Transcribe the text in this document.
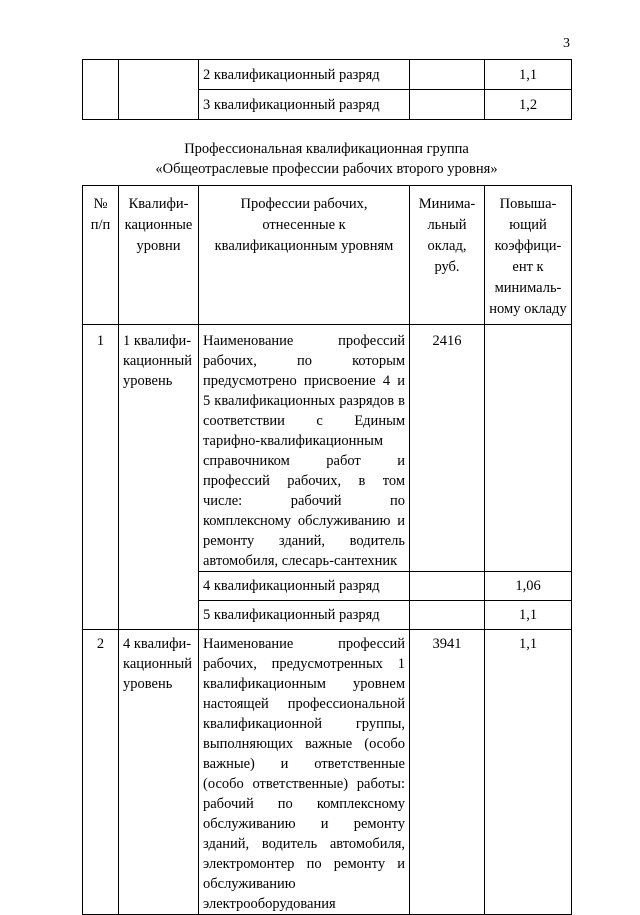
3
		2 квалификационный разряд		1,1
		3 квалификационный разряд		1,2
Профессиональная квалификационная группа
«Общеотраслевые профессии рабочих второго уровня»
№ п/п	Квалифи-кационные уровни	Профессии рабочих, отнесенные к квалификационным уровням	Минима-льный оклад, руб.	Повыша-ющий коэффици-ент к минималь-ному окладу
1	1 квалифи-кационный уровень	Наименование профессий рабочих, по которым предусмотрено присвоение 4 и 5 квалификационных разрядов в соответствии с Единым тарифно-квалификационным справочником работ и профессий рабочих, в том числе: рабочий по комплексному обслуживанию и ремонту зданий, водитель автомобиля, слесарь-сантехник	2416	
		4 квалификационный разряд		1,06
		5 квалификационный разряд		1,1
2	4 квалифи-кационный уровень	Наименование профессий рабочих, предусмотренных 1 квалификационным уровнем настоящей профессиональной квалификационной группы, выполняющих важные (особо важные) и ответственные (особо ответственные) работы: рабочий по комплексному обслуживанию и ремонту зданий, водитель автомобиля, электромонтер по ремонту и обслуживанию электрооборудования	3941	1,1
